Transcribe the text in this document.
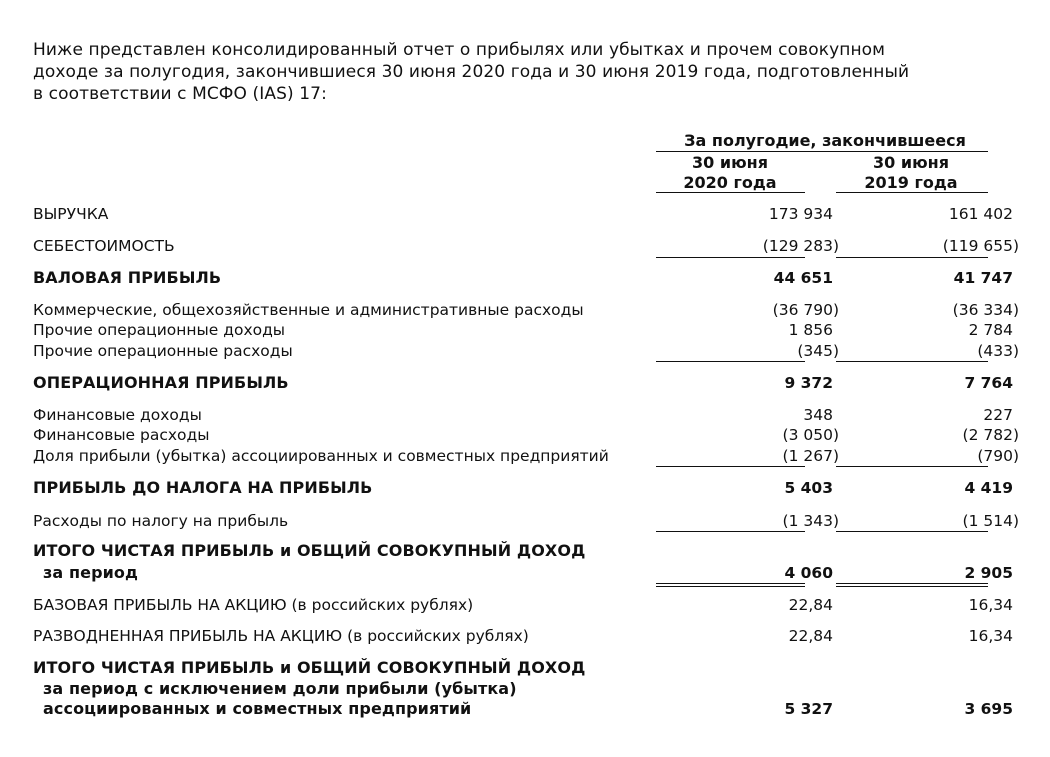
Ниже представлен консолидированный отчет о прибылях или убытках и прочем совокупном
доходе за полугодия, закончившиеся 30 июня 2020 года и 30 июня 2019 года, подготовленный
в соответствии с МСФО (IAS) 17:
За полугодие, закончившееся
30 июня
2020 года
30 июня
2019 года
ВЫРУЧКА	173 934	161 402
СЕБЕСТОИМОСТЬ	(129 283)	(119 655)
ВАЛОВАЯ ПРИБЫЛЬ	44 651	41 747
Коммерческие, общехозяйственные и административные расходы	(36 790)	(36 334)
Прочие операционные доходы	1 856	2 784
Прочие операционные расходы	(345)	(433)
ОПЕРАЦИОННАЯ ПРИБЫЛЬ	9 372	7 764
Финансовые доходы	348	227
Финансовые расходы	(3 050)	(2 782)
Доля прибыли (убытка) ассоциированных и совместных предприятий	(1 267)	(790)
ПРИБЫЛЬ ДО НАЛОГА НА ПРИБЫЛЬ	5 403	4 419
Расходы по налогу на прибыль	(1 343)	(1 514)
ИТОГО ЧИСТАЯ ПРИБЫЛЬ и ОБЩИЙ СОВОКУПНЫЙ ДОХОД
за период	4 060	2 905
БАЗОВАЯ ПРИБЫЛЬ НА АКЦИЮ (в российских рублях)	22,84	16,34
РАЗВОДНЕННАЯ ПРИБЫЛЬ НА АКЦИЮ (в российских рублях)	22,84	16,34
ИТОГО ЧИСТАЯ ПРИБЫЛЬ и ОБЩИЙ СОВОКУПНЫЙ ДОХОД
за период с исключением доли прибыли (убытка)
ассоциированных и совместных предприятий	5 327	3 695
